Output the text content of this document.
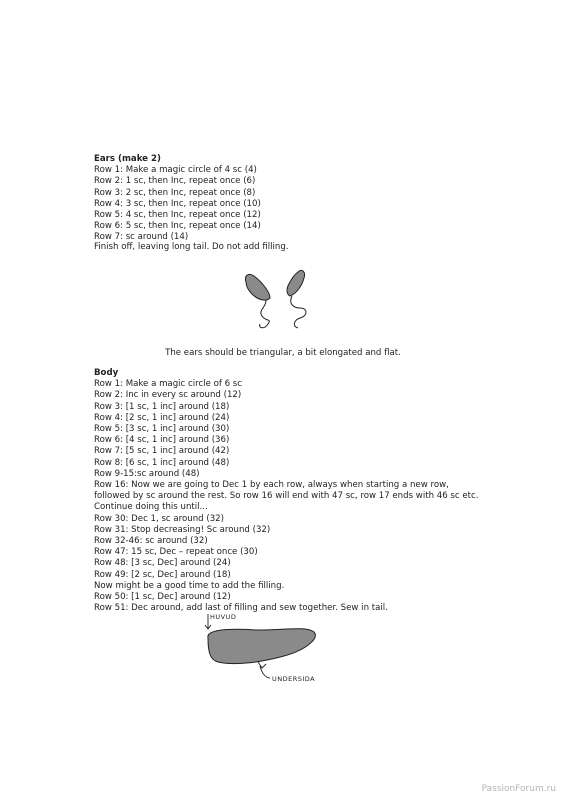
Ears (make 2)
Row 1: Make a magic circle of 4 sc (4)
Row 2: 1 sc, then Inc, repeat once (6)
Row 3: 2 sc, then Inc, repeat once (8)
Row 4: 3 sc, then Inc, repeat once (10)
Row 5: 4 sc, then Inc, repeat once (12)
Row 6: 5 sc, then Inc, repeat once (14)
Row 7: sc around (14)
Finish off, leaving long tail. Do not add filling.
The ears should be triangular, a bit elongated and flat.
Body
Row 1: Make a magic circle of 6 sc
Row 2: Inc in every sc around (12)
Row 3: [1 sc, 1 inc] around (18)
Row 4: [2 sc, 1 inc] around (24)
Row 5: [3 sc, 1 inc] around (30)
Row 6: [4 sc, 1 inc] around (36)
Row 7: [5 sc, 1 inc] around (42)
Row 8: [6 sc, 1 inc] around (48)
Row 9-15:sc around (48)
Row 16: Now we are going to Dec 1 by each row, always when starting a new row, followed by sc around the rest. So row 16 will end with 47 sc, row 17 ends with 46 sc etc. Continue doing this until...
Row 30: Dec 1, sc around (32)
Row 31: Stop decreasing! Sc around (32)
Row 32-46: sc around (32)
Row 47: 15 sc, Dec – repeat once (30)
Row 48: [3 sc, Dec] around (24)
Row 49: [2 sc, Dec] around (18)
Now might be a good time to add the filling.
Row 50: [1 sc, Dec] around (12)
Row 51: Dec around, add last of filling and sew together. Sew in tail.
HUVUD
UNDERSIDA
PassionForum.ru
